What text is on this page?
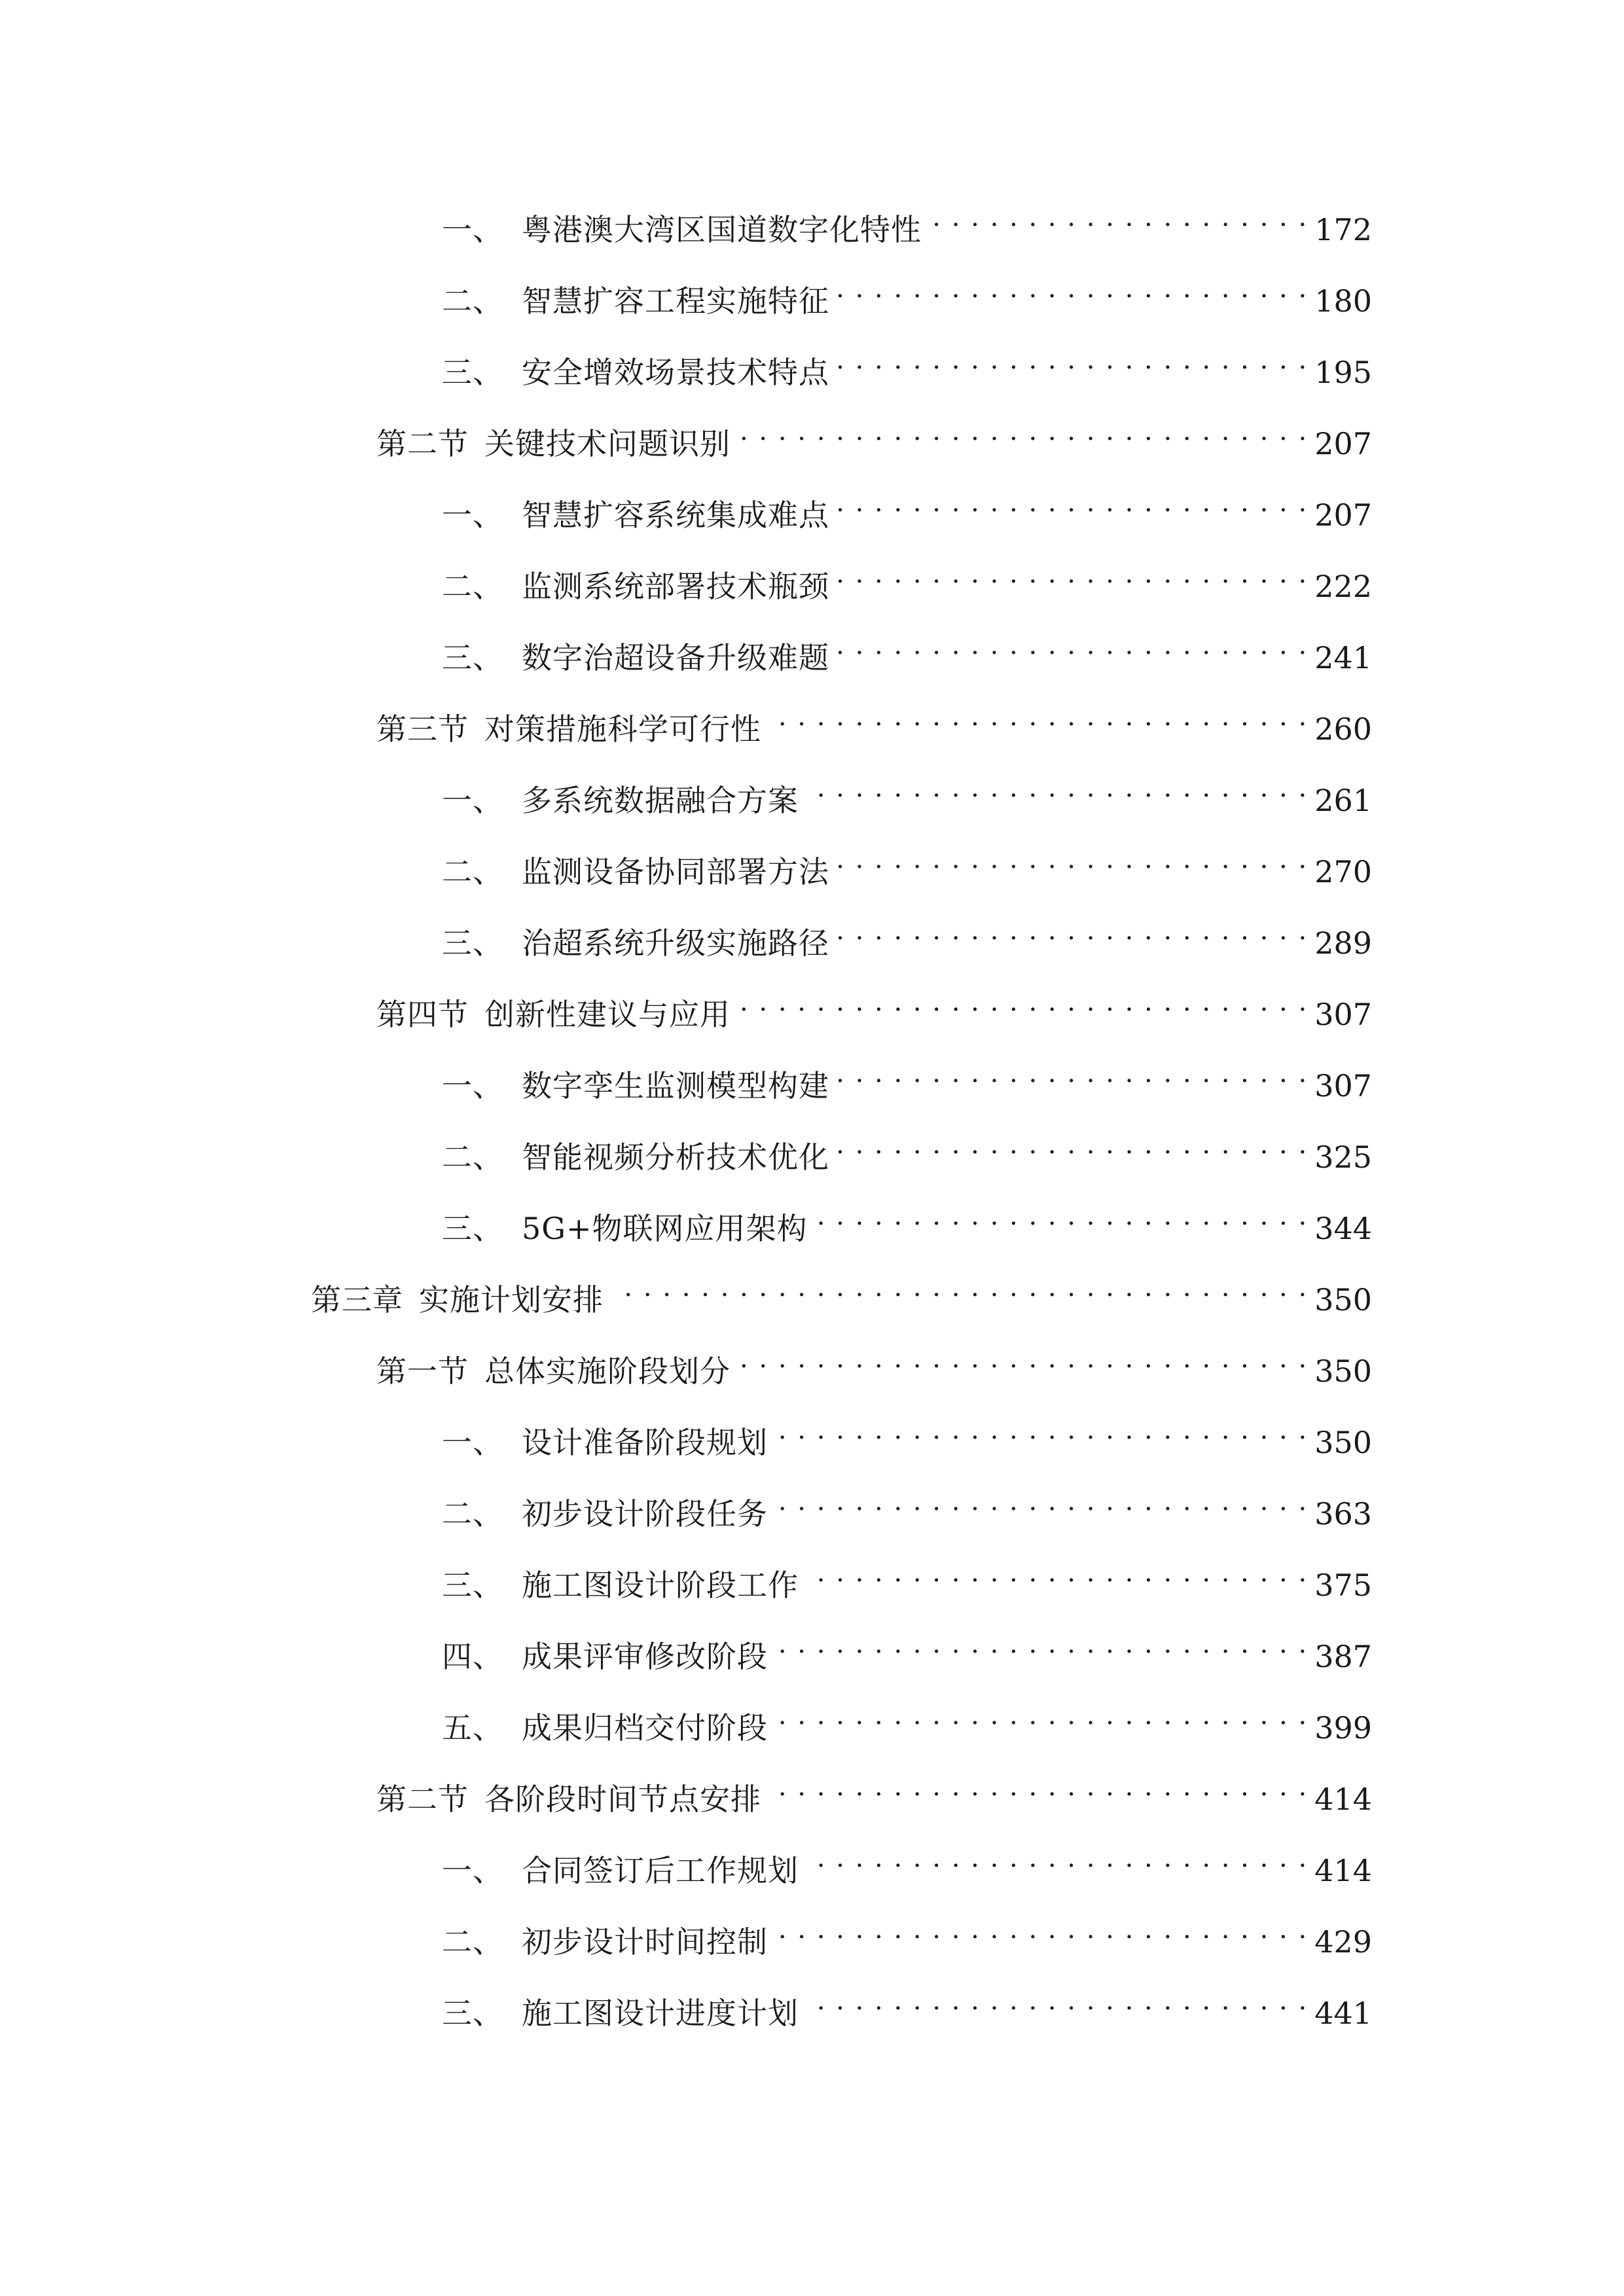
一、 粤港澳大湾区国道数字化特性 . . .	172
二、 智慧扩容工程实施特征 . . .	180
三、 安全增效场景技术特点 . . .	195
第二节 关键技术问题识别 . . .	207
一、 智慧扩容系统集成难点 . . .	207
二、 监测系统部署技术瓶颈 . . .	222
三、 数字治超设备升级难题 . . .	241
第三节 对策措施科学可行性 . . .	260
一、 多系统数据融合方案 . . .	261
二、 监测设备协同部署方法 . . .	270
三、 治超系统升级实施路径 . . .	289
第四节 创新性建议与应用 . . .	307
一、 数字孪生监测模型构建 . . .	307
二、 智能视频分析技术优化 . . .	325
三、 5G+物联网应用架构 . . .	344
第三章 实施计划安排 . . .	350
第一节 总体实施阶段划分 . . .	350
一、 设计准备阶段规划 . . .	350
二、 初步设计阶段任务 . . .	363
三、 施工图设计阶段工作 . . .	375
四、 成果评审修改阶段 . . .	387
五、 成果归档交付阶段 . . .	399
第二节 各阶段时间节点安排 . . .	414
一、 合同签订后工作规划 . . .	414
二、 初步设计时间控制 . . .	429
三、 施工图设计进度计划 . . .	441
